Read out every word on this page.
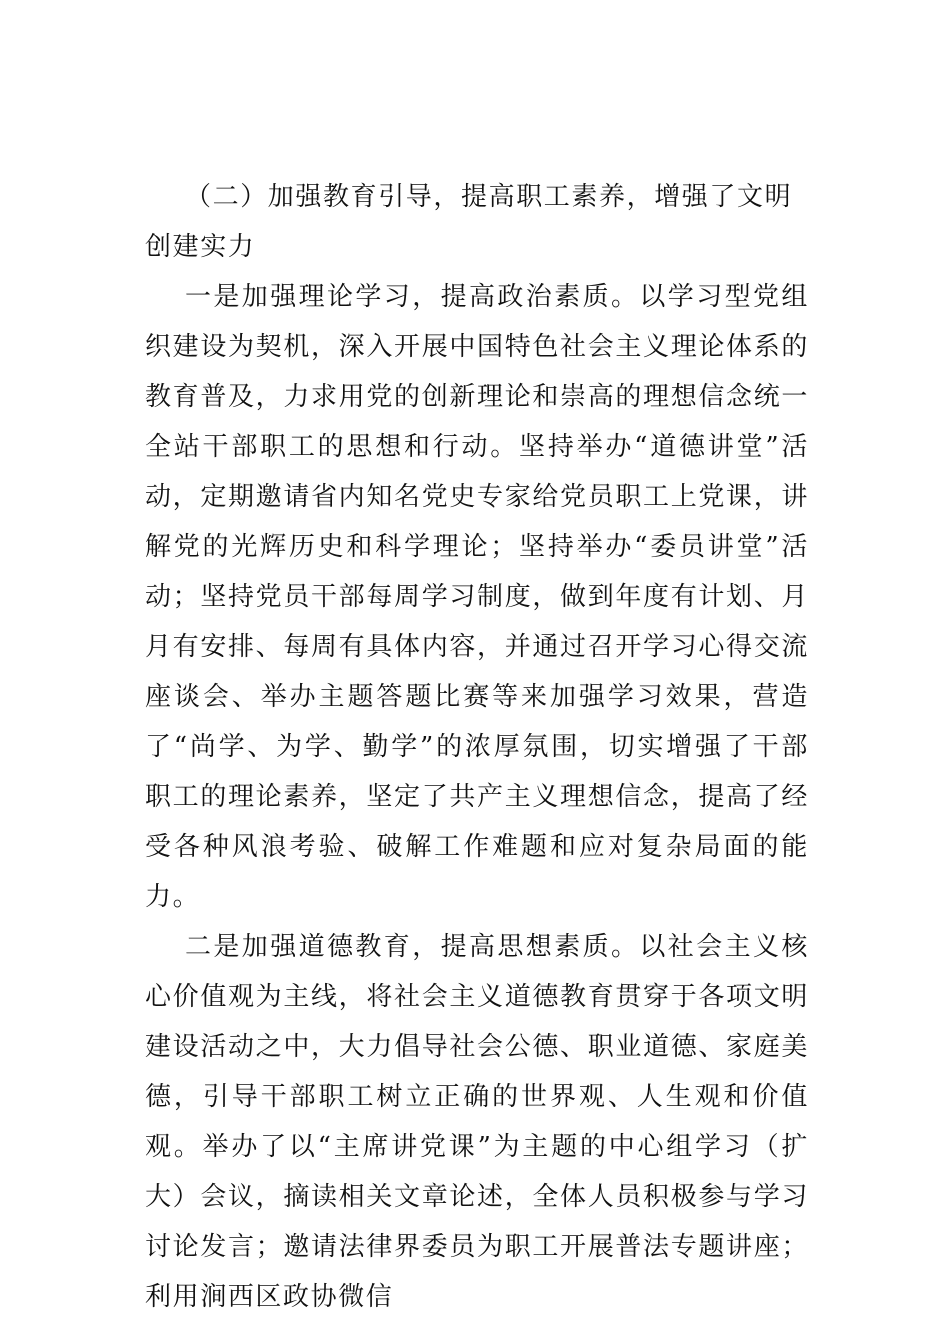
（二）加强教育引导，提高职工素养，增强了文明创建实力

一是加强理论学习，提高政治素质。以学习型党组织建设为契机，深入开展中国特色社会主义理论体系的教育普及，力求用党的创新理论和崇高的理想信念统一全站干部职工的思想和行动。坚持举办“道德讲堂”活动，定期邀请省内知名党史专家给党员职工上党课，讲解党的光辉历史和科学理论；坚持举办“委员讲堂”活动；坚持党员干部每周学习制度，做到年度有计划、月月有安排、每周有具体内容，并通过召开学习心得交流座谈会、举办主题答题比赛等来加强学习效果，营造了“尚学、为学、勤学”的浓厚氛围，切实增强了干部职工的理论素养，坚定了共产主义理想信念，提高了经受各种风浪考验、破解工作难题和应对复杂局面的能力。

二是加强道德教育，提高思想素质。以社会主义核心价值观为主线，将社会主义道德教育贯穿于各项文明建设活动之中，大力倡导社会公德、职业道德、家庭美德，引导干部职工树立正确的世界观、人生观和价值观。举办了以“主席讲党课”为主题的中心组学习（扩大）会议，摘读相关文章论述，全体人员积极参与学习讨论发言；邀请法律界委员为职工开展普法专题讲座；利用涧西区政协微信
